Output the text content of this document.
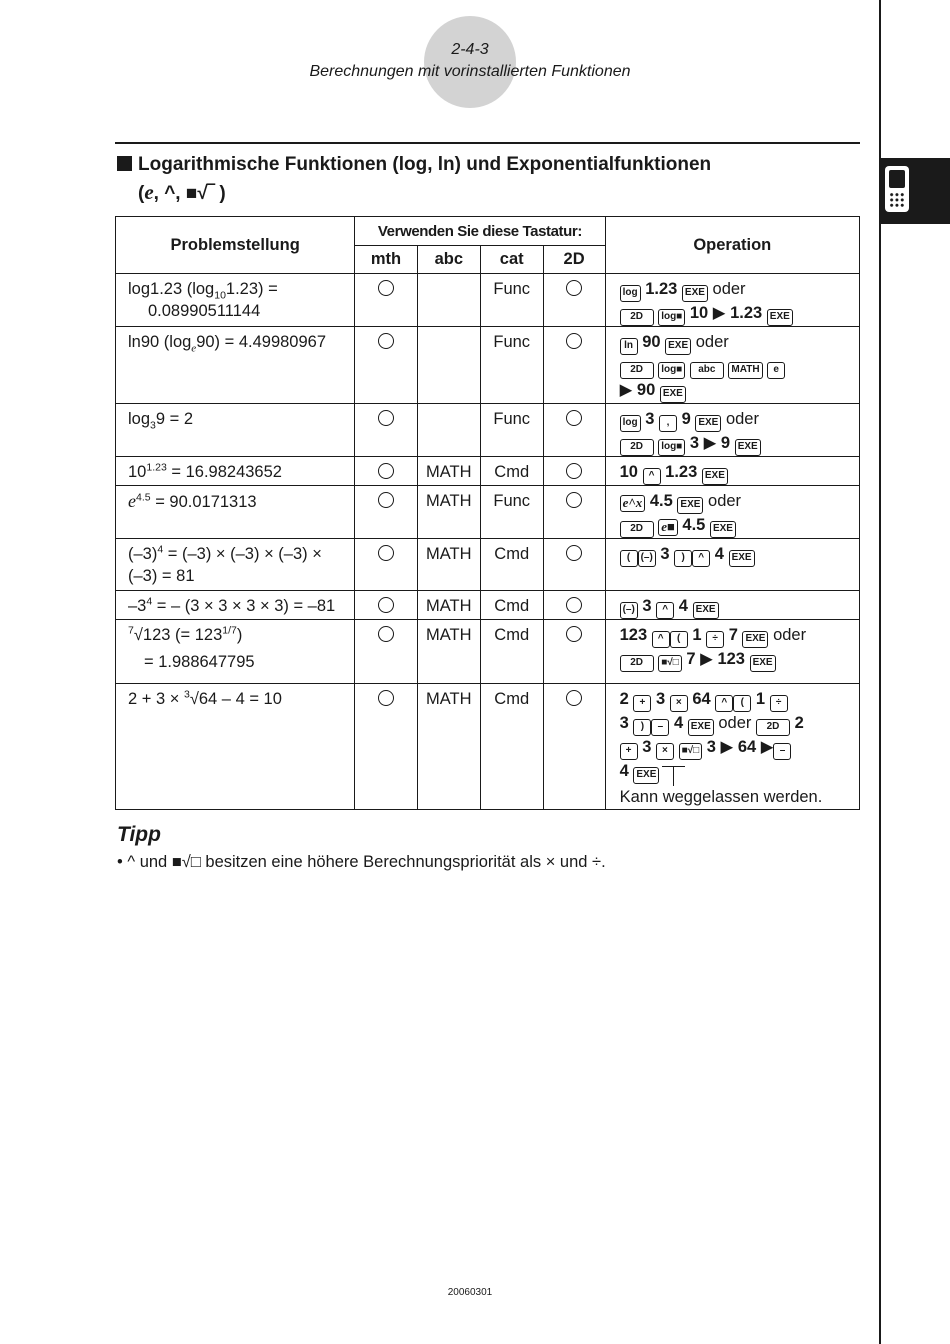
2-4-3
Berechnungen mit vorinstallierten Funktionen
Logarithmische Funktionen (log, ln) und Exponentialfunktionen
(e, ^, ■√‾ )
Problemstellung	Verwenden Sie diese Tastatur:				Operation
	mth	abc	cat	2D	
log1.23 $(\log_{10}1.23)$ =
0.08990511144			Func		log 1.23 EXE oder
2D log■ 10 ▶ 1.23 EXE
ln90 $(\log_e90) = 4.49980967$			Func		ln 90 EXE oder
2D log■ abc MATH e
▶ 90 EXE
$\log_39 = 2$			Func		log 3 , 9 EXE oder
2D log■ 3 ▶ 9 EXE
$10^{1.23} = 16.98243652$		MATH	Cmd		10 ^ 1.23 EXE
$e^{4.5} = 90.0171313$		MATH	Func		e^x 4.5 EXE oder
2D e■ 4.5 EXE
$(-3)^4 = (-3) \times (-3) \times (-3)$ ×
(–3) = 81		MATH	Cmd		( (–) 3 ) ^ 4 EXE
$-3^4$ = – (3 × 3 × 3 × 3) = –81		MATH	Cmd		(–) 3 ^ 4 EXE
$^7$√123 (= $123^{1/7}$)
= 1.988647795		MATH	Cmd		123 ^ ( 1 ÷ 7 EXE oder
2D ■√□ 7 ▶ 123 EXE
2 + 3 × $^3$√64 – 4 = 10		MATH	Cmd		2 + 3 × 64 ^ ( 1 ÷
3 ) – 4 EXE oder 2D 2
+ 3 × ■√□ 3 ▶ 64 ▶ –
4 EXE
Kann weggelassen werden.
Tipp
• ^ und ■√□ besitzen eine höhere Berechnungspriorität als × und ÷.
20060301
